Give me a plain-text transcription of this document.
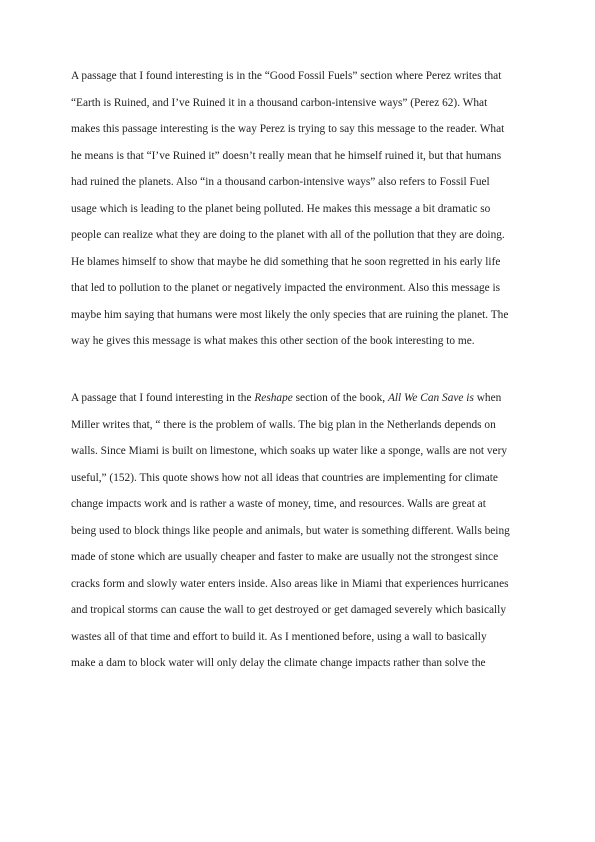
A passage that I found interesting is in the “Good Fossil Fuels” section where Perez writes that
“Earth is Ruined, and I’ve Ruined it in a thousand carbon-intensive ways” (Perez 62). What
makes this passage interesting is the way Perez is trying to say this message to the reader. What
he means is that “I’ve Ruined it” doesn’t really mean that he himself ruined it, but that humans
had ruined the planets. Also “in a thousand carbon-intensive ways” also refers to Fossil Fuel
usage which is leading to the planet being polluted. He makes this message a bit dramatic so
people can realize what they are doing to the planet with all of the pollution that they are doing.
He blames himself to show that maybe he did something that he soon regretted in his early life
that led to pollution to the planet or negatively impacted the environment. Also this message is
maybe him saying that humans were most likely the only species that are ruining the planet. The
way he gives this message is what makes this other section of the book interesting to me.

A passage that I found interesting in the Reshape section of the book, All We Can Save is when
Miller writes that, “ there is the problem of walls. The big plan in the Netherlands depends on
walls. Since Miami is built on limestone, which soaks up water like a sponge, walls are not very
useful,” (152). This quote shows how not all ideas that countries are implementing for climate
change impacts work and is rather a waste of money, time, and resources. Walls are great at
being used to block things like people and animals, but water is something different. Walls being
made of stone which are usually cheaper and faster to make are usually not the strongest since
cracks form and slowly water enters inside. Also areas like in Miami that experiences hurricanes
and tropical storms can cause the wall to get destroyed or get damaged severely which basically
wastes all of that time and effort to build it. As I mentioned before, using a wall to basically
make a dam to block water will only delay the climate change impacts rather than solve the
